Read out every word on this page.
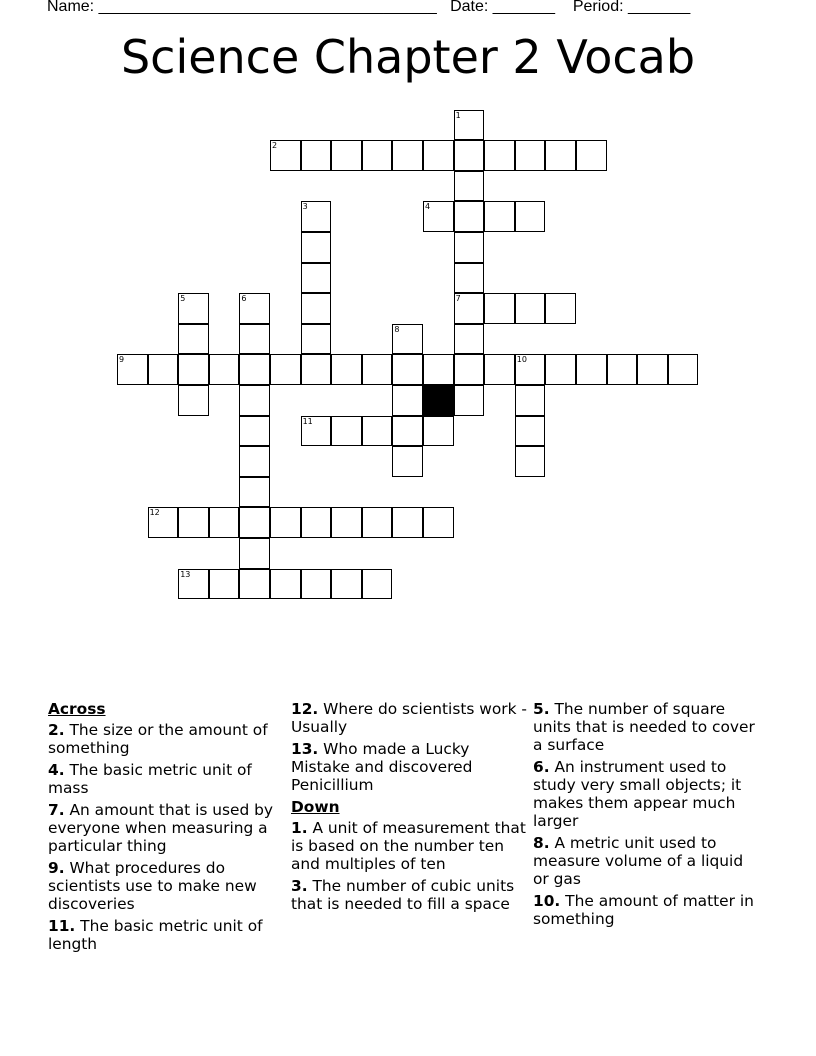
Name: ______________________________________ Date: _______ Period: _______
Science Chapter 2 Vocab
1
7
2
3	4
5	6
8
9	10
11
12
13
Across
2. The size or the amount of something
4. The basic metric unit of mass
7. An amount that is used by everyone when measuring a particular thing
9. What procedures do scientists use to make new discoveries
11. The basic metric unit of length
12. Where do scientists work - Usually
13. Who made a Lucky Mistake and discovered Penicillium
Down
1. A unit of measurement that is based on the number ten and multiples of ten
3. The number of cubic units that is needed to fill a space
5. The number of square units that is needed to cover a surface
6. An instrument used to study very small objects; it makes them appear much larger
8. A metric unit used to measure volume of a liquid or gas
10. The amount of matter in something
